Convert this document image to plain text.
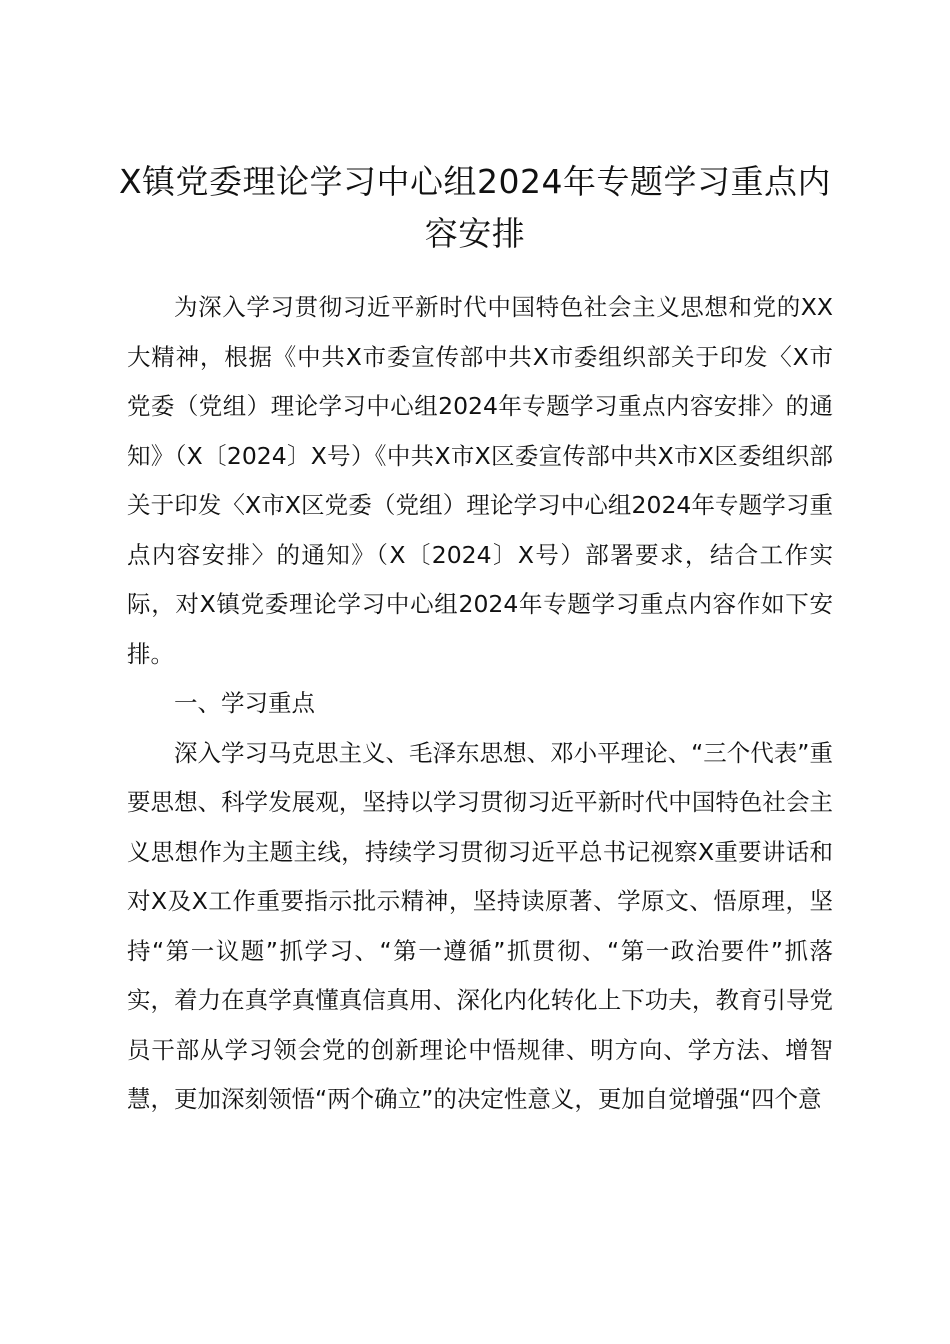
X镇党委理论学习中心组2024年专题学习重点内容安排

为深入学习贯彻习近平新时代中国特色社会主义思想和党的XX大精神，根据《中共X市委宣传部中共X市委组织部关于印发〈X市党委（党组）理论学习中心组2024年专题学习重点内容安排〉的通知》（X〔2024〕X号）《中共X市X区委宣传部中共X市X区委组织部关于印发〈X市X区党委（党组）理论学习中心组2024年专题学习重点内容安排〉的通知》（X〔2024〕X号）部署要求，结合工作实际，对X镇党委理论学习中心组2024年专题学习重点内容作如下安排。

一、学习重点

深入学习马克思主义、毛泽东思想、邓小平理论、“三个代表”重要思想、科学发展观，坚持以学习贯彻习近平新时代中国特色社会主义思想作为主题主线，持续学习贯彻习近平总书记视察X重要讲话和对X及X工作重要指示批示精神，坚持读原著、学原文、悟原理，坚持“第一议题”抓学习、“第一遵循”抓贯彻、“第一政治要件”抓落实，着力在真学真懂真信真用、深化内化转化上下功夫，教育引导党员干部从学习领会党的创新理论中悟规律、明方向、学方法、增智慧，更加深刻领悟“两个确立”的决定性意义，更加自觉增强“四个意
